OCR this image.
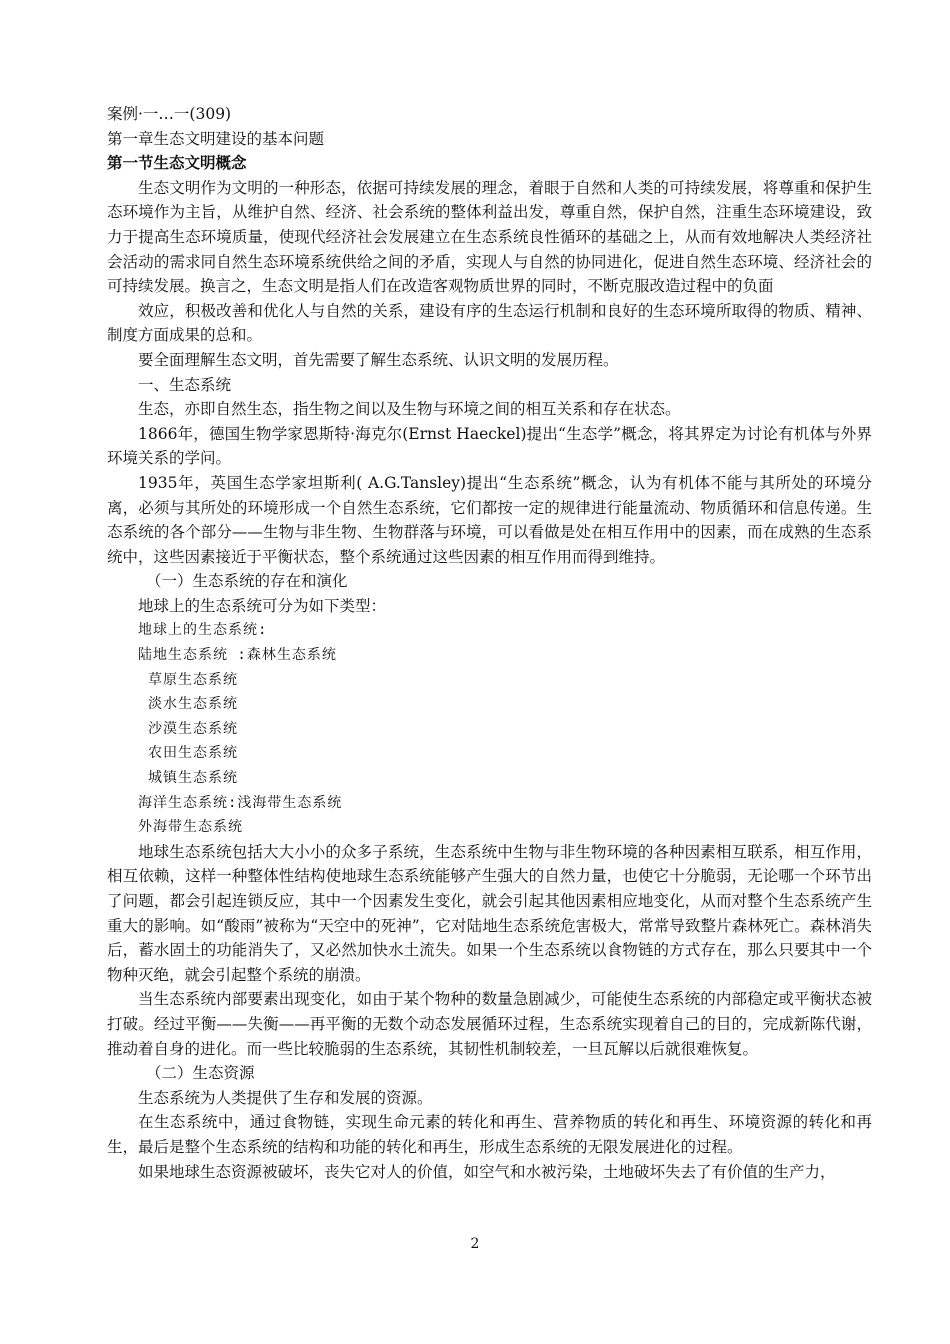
案例·一…一(309)
第一章生态文明建设的基本问题
第一节生态文明概念

生态文明作为文明的一种形态，依据可持续发展的理念，着眼于自然和人类的可持续发展，将尊重和保护生态环境作为主旨，从维护自然、经济、社会系统的整体利益出发，尊重自然，保护自然，注重生态环境建设，致力于提高生态环境质量，使现代经济社会发展建立在生态系统良性循环的基础之上，从而有效地解决人类经济社会活动的需求同自然生态环境系统供给之间的矛盾，实现人与自然的协同进化，促进自然生态环境、经济社会的可持续发展。换言之，生态文明是指人们在改造客观物质世界的同时，不断克服改造过程中的负面

效应，积极改善和优化人与自然的关系，建设有序的生态运行机制和良好的生态环境所取得的物质、精神、制度方面成果的总和。

要全面理解生态文明，首先需要了解生态系统、认识文明的发展历程。

一、生态系统

生态，亦即自然生态，指生物之间以及生物与环境之间的相互关系和存在状态。

1866年，德国生物学家恩斯特·海克尔(Ernst Haeckel)提出“生态学”概念，将其界定为讨论有机体与外界环境关系的学问。

1935年，英国生态学家坦斯利( A.G.Tansley)提出“生态系统”概念，认为有机体不能与其所处的环境分离，必须与其所处的环境形成一个自然生态系统，它们都按一定的规律进行能量流动、物质循环和信息传递。生态系统的各个部分——生物与非生物、生物群落与环境，可以看做是处在相互作用中的因素，而在成熟的生态系统中，这些因素接近于平衡状态，整个系统通过这些因素的相互作用而得到维持。

（一）生态系统的存在和演化

地球上的生态系统可分为如下类型：

地球上的生态系统:
陆地生态系统 :森林生态系统
草原生态系统
淡水生态系统
沙漠生态系统
农田生态系统
城镇生态系统
海洋生态系统:浅海带生态系统
外海带生态系统

地球生态系统包括大大小小的众多子系统，生态系统中生物与非生物环境的各种因素相互联系，相互作用，相互依赖，这样一种整体性结构使地球生态系统能够产生强大的自然力量，也使它十分脆弱，无论哪一个环节出了问题，都会引起连锁反应，其中一个因素发生变化，就会引起其他因素相应地变化，从而对整个生态系统产生重大的影响。如“酸雨”被称为“天空中的死神”，它对陆地生态系统危害极大，常常导致整片森林死亡。森林消失后，蓄水固土的功能消失了，又必然加快水土流失。如果一个生态系统以食物链的方式存在，那么只要其中一个物种灭绝，就会引起整个系统的崩溃。

当生态系统内部要素出现变化，如由于某个物种的数量急剧减少，可能使生态系统的内部稳定或平衡状态被打破。经过平衡——失衡——再平衡的无数个动态发展循环过程，生态系统实现着自己的目的，完成新陈代谢，推动着自身的进化。而一些比较脆弱的生态系统，其韧性机制较差，一旦瓦解以后就很难恢复。

（二）生态资源

生态系统为人类提供了生存和发展的资源。

在生态系统中，通过食物链，实现生命元素的转化和再生、营养物质的转化和再生、环境资源的转化和再生，最后是整个生态系统的结构和功能的转化和再生，形成生态系统的无限发展进化的过程。

如果地球生态资源被破坏，丧失它对人的价值，如空气和水被污染，土地破坏失去了有价值的生产力，

2
